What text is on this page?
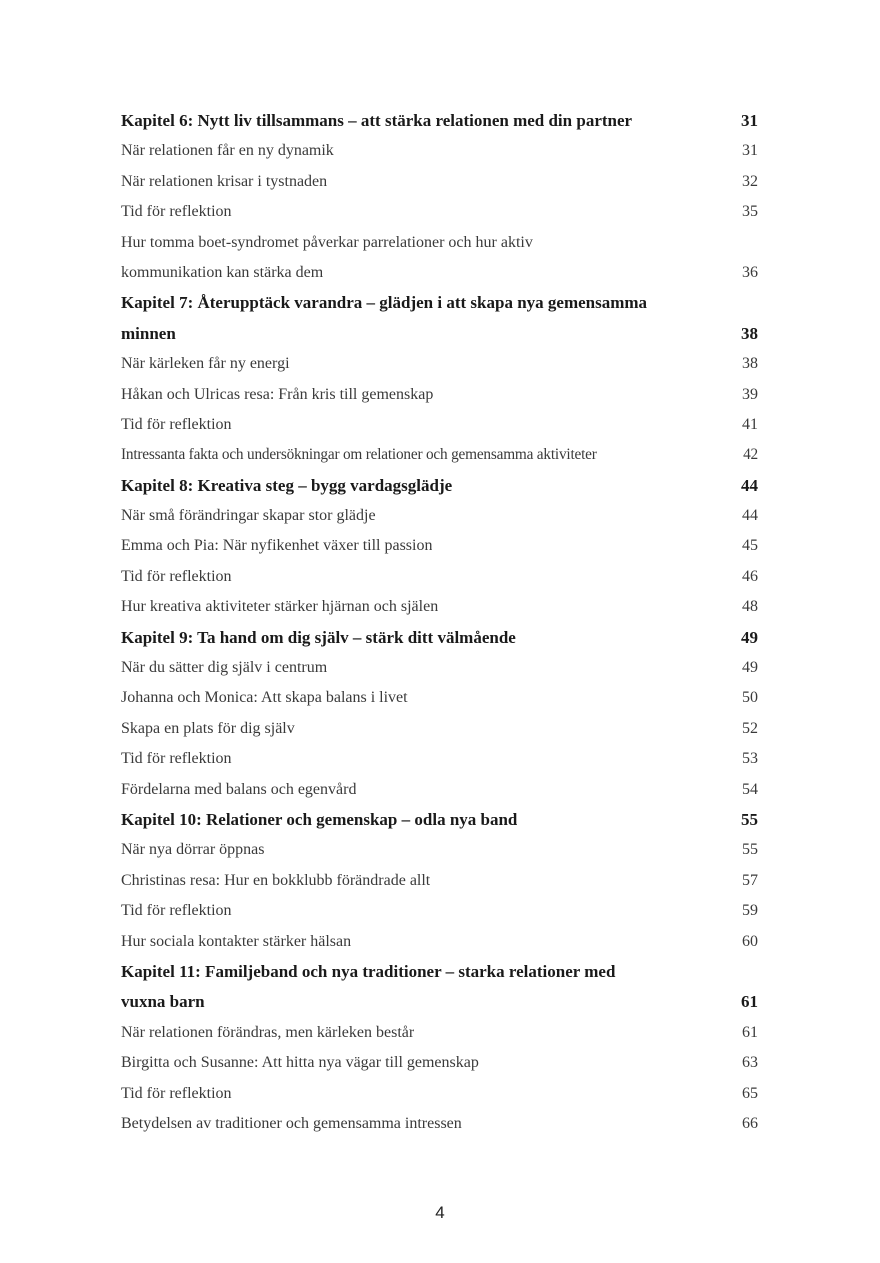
Kapitel 6: Nytt liv tillsammans – att stärka relationen med din partner	31
När relationen får en ny dynamik	31
När relationen krisar i tystnaden	32
Tid för reflektion	35
Hur tomma boet-syndromet påverkar parrelationer och hur aktiv
kommunikation kan stärka dem	36
Kapitel 7: Återupptäck varandra – glädjen i att skapa nya gemensamma
minnen	38
När kärleken får ny energi	38
Håkan och Ulricas resa: Från kris till gemenskap	39
Tid för reflektion	41
Intressanta fakta och undersökningar om relationer och gemensamma aktiviteter	42
Kapitel 8: Kreativa steg – bygg vardagsglädje	44
När små förändringar skapar stor glädje	44
Emma och Pia: När nyfikenhet växer till passion	45
Tid för reflektion	46
Hur kreativa aktiviteter stärker hjärnan och själen	48
Kapitel 9: Ta hand om dig själv – stärk ditt välmående	49
När du sätter dig själv i centrum	49
Johanna och Monica: Att skapa balans i livet	50
Skapa en plats för dig själv	52
Tid för reflektion	53
Fördelarna med balans och egenvård	54
Kapitel 10: Relationer och gemenskap – odla nya band	55
När nya dörrar öppnas	55
Christinas resa: Hur en bokklubb förändrade allt	57
Tid för reflektion	59
Hur sociala kontakter stärker hälsan	60
Kapitel 11: Familjeband och nya traditioner – starka relationer med
vuxna barn	61
När relationen förändras, men kärleken består	61
Birgitta och Susanne: Att hitta nya vägar till gemenskap	63
Tid för reflektion	65
Betydelsen av traditioner och gemensamma intressen	66
4
